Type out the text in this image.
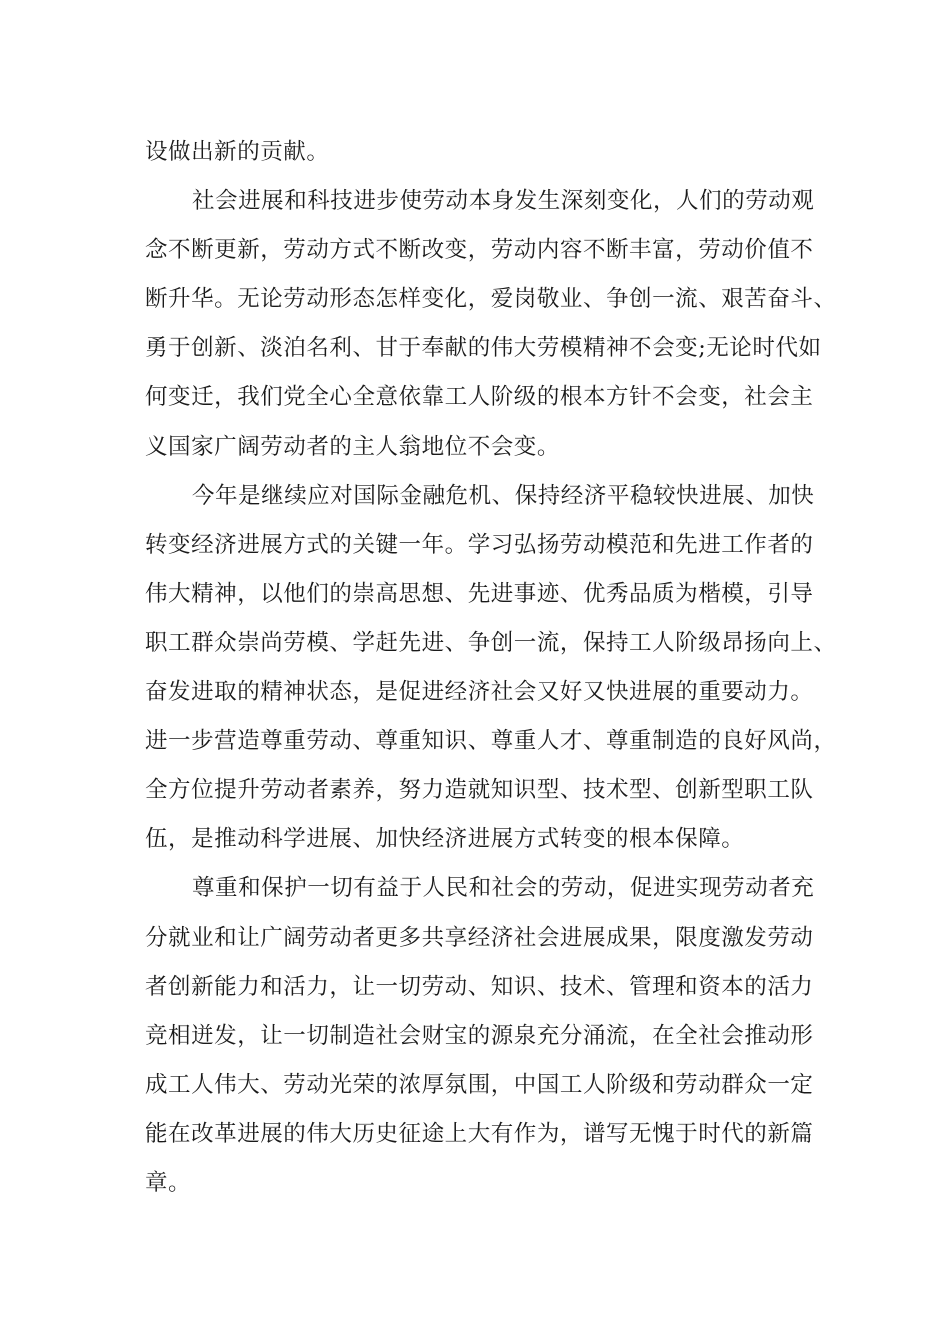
设做出新的贡献。

社会进展和科技进步使劳动本身发生深刻变化，人们的劳动观
念不断更新，劳动方式不断改变，劳动内容不断丰富，劳动价值不
断升华。无论劳动形态怎样变化，爱岗敬业、争创一流、艰苦奋斗、
勇于创新、淡泊名利、甘于奉献的伟大劳模精神不会变;无论时代如
何变迁，我们党全心全意依靠工人阶级的根本方针不会变，社会主
义国家广阔劳动者的主人翁地位不会变。

今年是继续应对国际金融危机、保持经济平稳较快进展、加快
转变经济进展方式的关键一年。学习弘扬劳动模范和先进工作者的
伟大精神，以他们的崇高思想、先进事迹、优秀品质为楷模，引导
职工群众崇尚劳模、学赶先进、争创一流，保持工人阶级昂扬向上、
奋发进取的精神状态，是促进经济社会又好又快进展的重要动力。
进一步营造尊重劳动、尊重知识、尊重人才、尊重制造的良好风尚，
全方位提升劳动者素养，努力造就知识型、技术型、创新型职工队
伍，是推动科学进展、加快经济进展方式转变的根本保障。

尊重和保护一切有益于人民和社会的劳动，促进实现劳动者充
分就业和让广阔劳动者更多共享经济社会进展成果，限度激发劳动
者创新能力和活力，让一切劳动、知识、技术、管理和资本的活力
竞相迸发，让一切制造社会财宝的源泉充分涌流，在全社会推动形
成工人伟大、劳动光荣的浓厚氛围，中国工人阶级和劳动群众一定
能在改革进展的伟大历史征途上大有作为，谱写无愧于时代的新篇
章。
